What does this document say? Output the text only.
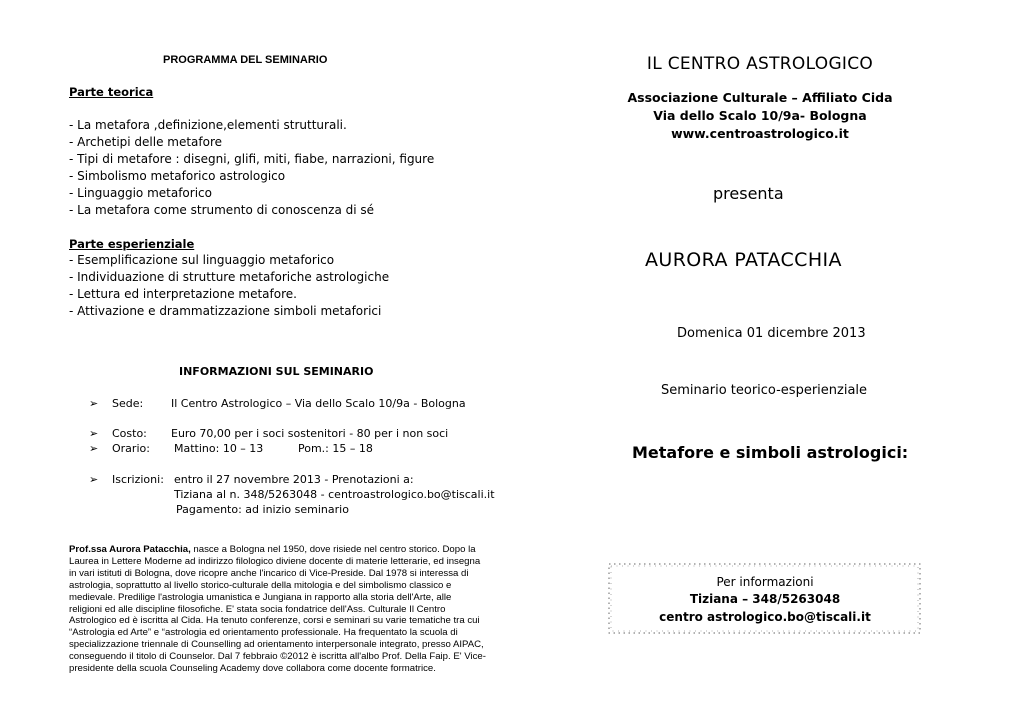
PROGRAMMA DEL SEMINARIO
Parte teorica
- La metafora ,definizione,elementi strutturali.
- Archetipi delle metafore
- Tipi di metafore : disegni, glifi, miti, fiabe, narrazioni, figure
- Simbolismo metaforico astrologico
- Linguaggio metaforico
- La metafora come strumento di conoscenza di sé
Parte esperienziale
- Esemplificazione sul linguaggio metaforico
- Individuazione di strutture metaforiche astrologiche
- Lettura ed interpretazione metafore.
- Attivazione e drammatizzazione simboli metaforici
INFORMAZIONI SUL SEMINARIO
➢ Sede:	Il Centro Astrologico – Via dello Scalo 10/9a - Bologna
➢ Costo: Euro 70,00 per i soci sostenitori - 80 per i non soci
➢ Orario: Mattino: 10 – 13	Pom.: 15 – 18
➢ Iscrizioni: entro il 27 novembre 2013 - Prenotazioni a:
Tiziana al n. 348/5263048 - centroastrologico.bo@tiscali.it
Pagamento: ad inizio seminario
Prof.ssa Aurora Patacchia, nasce a Bologna nel 1950, dove risiede nel centro storico. Dopo la Laurea in Lettere Moderne ad indirizzo filologico diviene docente di materie letterarie, ed insegna in vari istituti di Bologna, dove ricopre anche l'incarico di Vice-Preside. Dal 1978 si interessa di astrologia, soprattutto al livello storico-culturale della mitologia e del simbolismo classico e medievale. Predilige l'astrologia umanistica e Jungiana in rapporto alla storia dell'Arte, alle religioni ed alle discipline filosofiche. E' stata socia fondatrice dell'Ass. Culturale Il Centro Astrologico ed è iscritta al Cida. Ha tenuto conferenze, corsi e seminari su varie tematiche tra cui “Astrologia ed Arte” e “astrologia ed orientamento professionale. Ha frequentato la scuola di specializzazione triennale di Counselling ad orientamento interpersonale integrato, presso AIPAC, conseguendo il titolo di Counselor. Dal 7 febbraio ©2012 è iscritta all'albo Prof. Della Faip. E' Vice-presidente della scuola Counseling Academy dove collabora come docente formatrice.
IL CENTRO ASTROLOGICO
Associazione Culturale – Affiliato Cida
Via dello Scalo 10/9a- Bologna
www.centroastrologico.it
presenta
AURORA PATACCHIA
Domenica 01 dicembre 2013
Seminario teorico-esperienziale
Metafore e simboli astrologici:
Per informazioni
Tiziana – 348/5263048
centro astrologico.bo@tiscali.it
